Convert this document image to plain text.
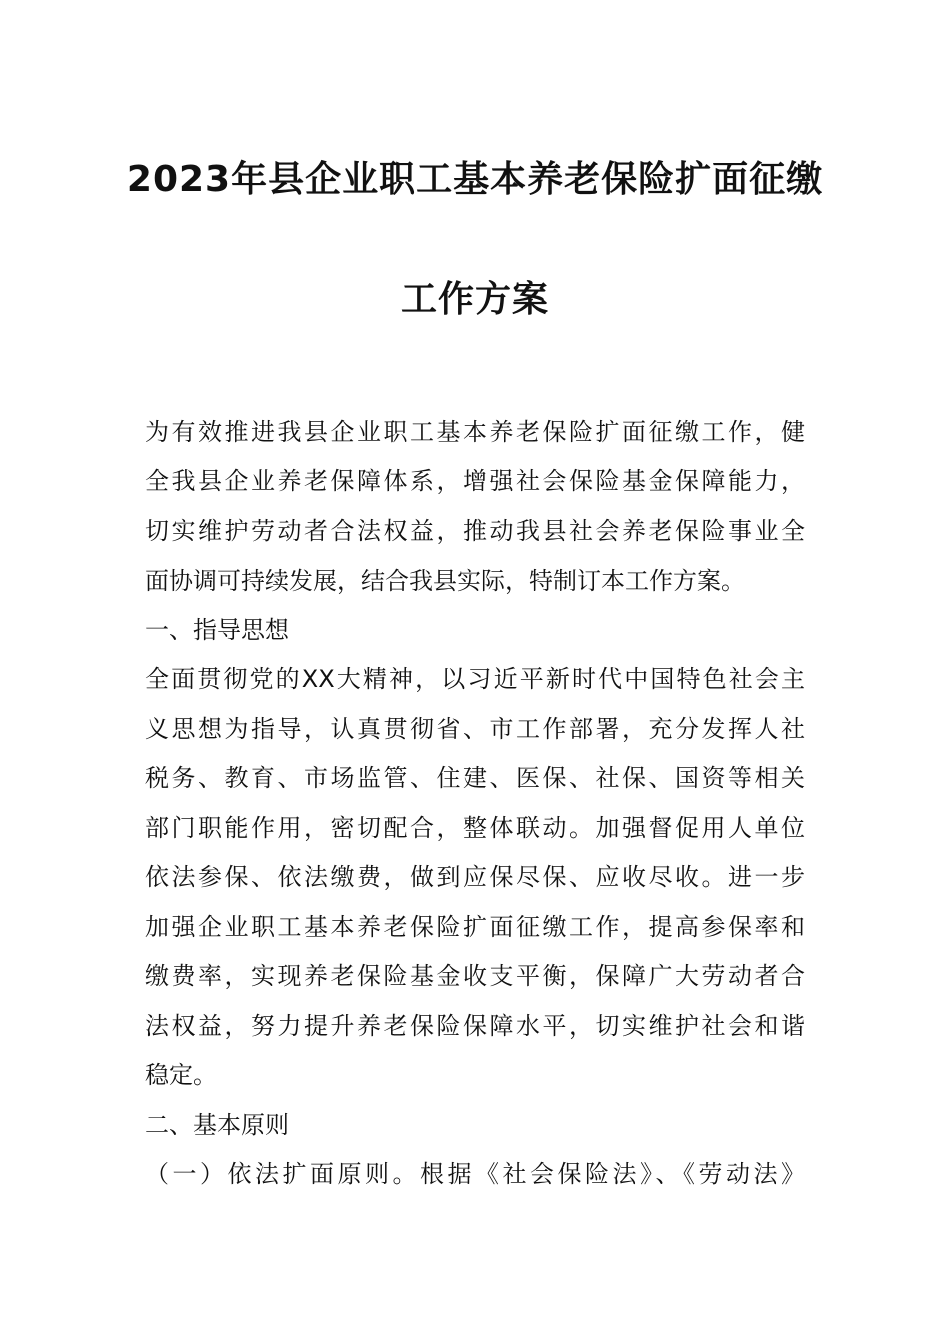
2023年县企业职工基本养老保险扩面征缴
工作方案
为有效推进我县企业职工基本养老保险扩面征缴工作，健
全我县企业养老保障体系，增强社会保险基金保障能力，
切实维护劳动者合法权益，推动我县社会养老保险事业全
面协调可持续发展，结合我县实际，特制订本工作方案。
一、指导思想
全面贯彻党的XX大精神，以习近平新时代中国特色社会主
义思想为指导，认真贯彻省、市工作部署，充分发挥人社
税务、教育、市场监管、住建、医保、社保、国资等相关
部门职能作用，密切配合，整体联动。加强督促用人单位
依法参保、依法缴费，做到应保尽保、应收尽收。进一步
加强企业职工基本养老保险扩面征缴工作，提高参保率和
缴费率，实现养老保险基金收支平衡，保障广大劳动者合
法权益，努力提升养老保险保障水平，切实维护社会和谐
稳定。
二、基本原则
（一）依法扩面原则。根据《社会保险法》、《劳动法》
